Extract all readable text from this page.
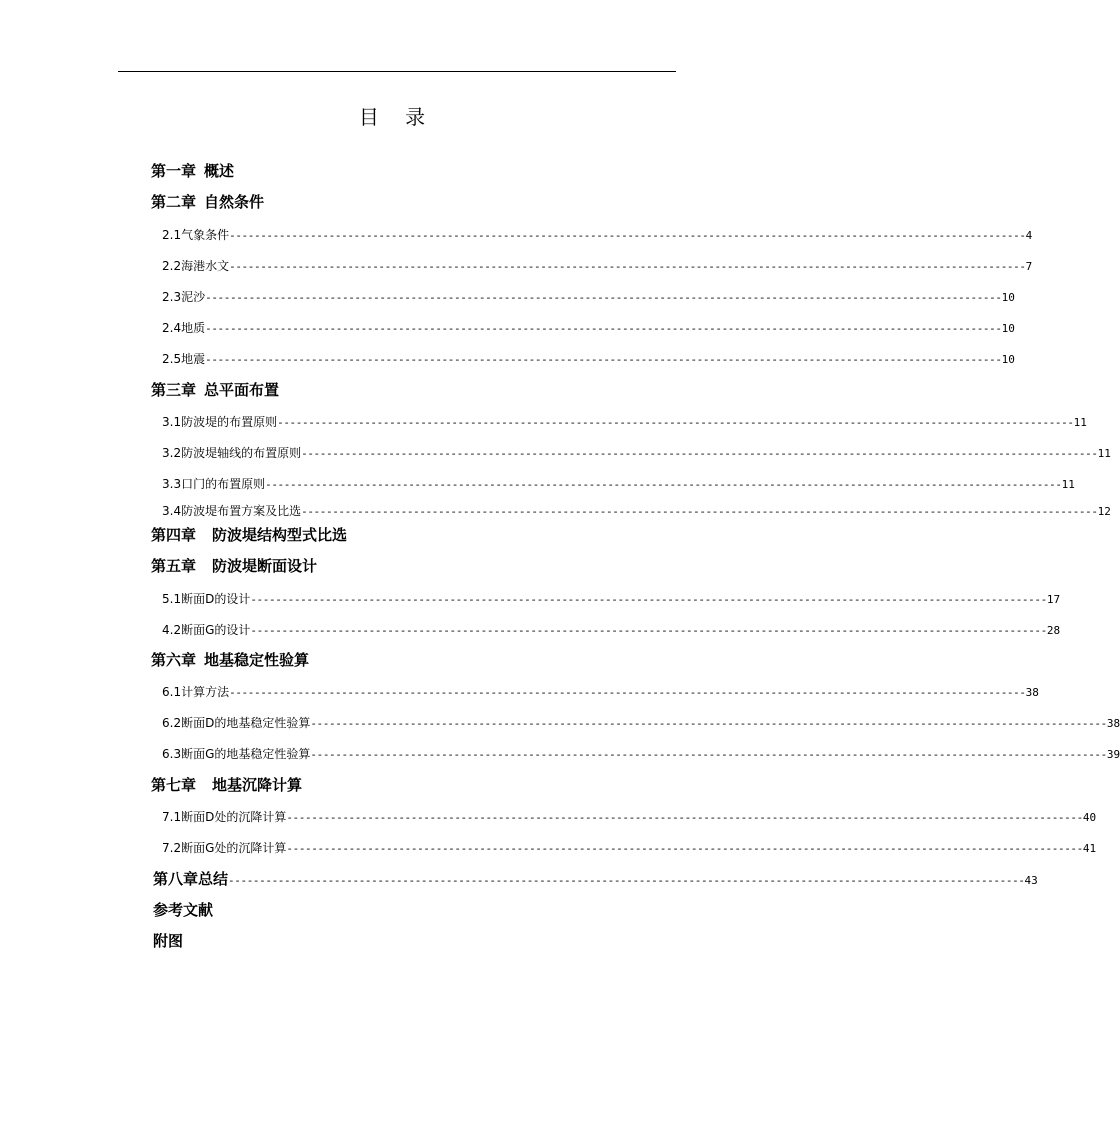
目 录
第一章 概述
第二章 自然条件
2.1气象条件 -------------------------------------------------------------------------------------------------------------------------------- 4
2.2海港水文 -------------------------------------------------------------------------------------------------------------------------------- 7
2.3泥沙 -------------------------------------------------------------------------------------------------------------------------------- 10
2.4地质 -------------------------------------------------------------------------------------------------------------------------------- 10
2.5地震 -------------------------------------------------------------------------------------------------------------------------------- 10
第三章 总平面布置
3.1防波堤的布置原则 -------------------------------------------------------------------------------------------------------------------------------- 11
3.2防波堤轴线的布置原则 -------------------------------------------------------------------------------------------------------------------------------- 11
3.3口门的布置原则 -------------------------------------------------------------------------------------------------------------------------------- 11
3.4防波堤布置方案及比选 -------------------------------------------------------------------------------------------------------------------------------- 12
第四章 防波堤结构型式比选
第五章 防波堤断面设计
5.1断面D的设计 -------------------------------------------------------------------------------------------------------------------------------- 17
4.2断面G的设计 -------------------------------------------------------------------------------------------------------------------------------- 28
第六章 地基稳定性验算
6.1计算方法 -------------------------------------------------------------------------------------------------------------------------------- 38
6.2断面D的地基稳定性验算 -------------------------------------------------------------------------------------------------------------------------------- 38
6.3断面G的地基稳定性验算 -------------------------------------------------------------------------------------------------------------------------------- 39
第七章 地基沉降计算
7.1断面D处的沉降计算 -------------------------------------------------------------------------------------------------------------------------------- 40
7.2断面G处的沉降计算 -------------------------------------------------------------------------------------------------------------------------------- 41
第八章 总结 -------------------------------------------------------------------------------------------------------------------------------- 43
参考文献
附图
